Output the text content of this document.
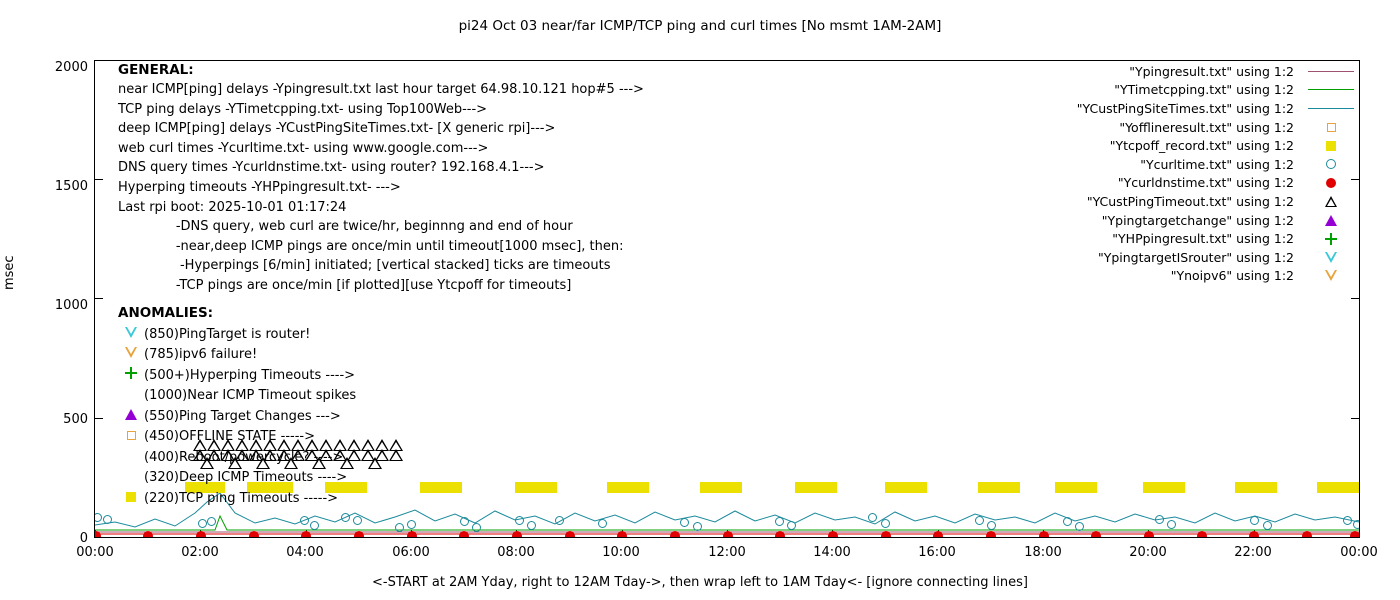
pi24 Oct 03 near/far ICMP/TCP ping and curl times [No msmt 1AM-2AM]
msec
2000
1500
1000
500
0
00:00	02:00	04:00	06:00	08:00	10:00	12:00	14:00	16:00	18:00	20:00	22:00	00:00
GENERAL:
near ICMP[ping] delays -Ypingresult.txt last hour target 64.98.10.121 hop#5 --->
TCP ping delays -YTimetcpping.txt- using Top100Web--->
deep ICMP[ping] delays -YCustPingSiteTimes.txt- [X generic rpi]--->
web curl times -Ycurltime.txt- using www.google.com--->
DNS query times -Ycurldnstime.txt- using router? 192.168.4.1--->
Hyperping timeouts -YHPpingresult.txt- --->
Last rpi boot: 2025-10-01 01:17:24
-DNS query, web curl are twice/hr, beginnng and end of hour
-near,deep ICMP pings are once/min until timeout[1000 msec], then:
-Hyperpings [6/min] initiated; [vertical stacked] ticks are timeouts
-TCP pings are once/min [if plotted][use Ytcpoff for timeouts]
ANOMALIES:
(850)PingTarget is router!
(785)ipv6 failure!
(500+)Hyperping Timeouts ---->
(1000)Near ICMP Timeout spikes
(550)Ping Target Changes --->
(450)OFFLINE STATE ----->
(400)Reboot/powercycle? ---->
(320)Deep ICMP Timeouts ---->
(220)TCP ping Timeouts ----->
"Ypingresult.txt" using 1:2
"YTimetcpping.txt" using 1:2
"YCustPingSiteTimes.txt" using 1:2
"Yofflineresult.txt" using 1:2
"Ytcpoff_record.txt" using 1:2
"Ycurltime.txt" using 1:2
"Ycurldnstime.txt" using 1:2
"YCustPingTimeout.txt" using 1:2
"Ypingtargetchange" using 1:2
"YHPpingresult.txt" using 1:2
"YpingtargetISrouter" using 1:2
"Ynoipv6" using 1:2
<-START at 2AM Yday, right to 12AM Tday->, then wrap left to 1AM Tday<- [ignore connecting lines]
